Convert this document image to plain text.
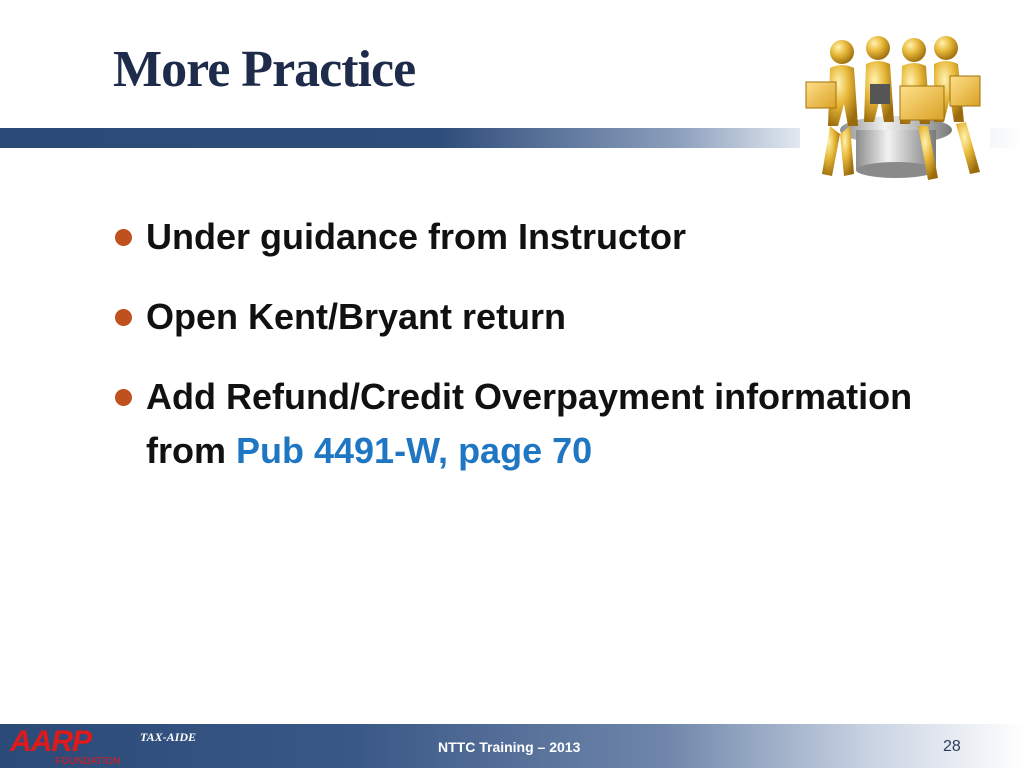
More Practice
Under guidance from Instructor
Open Kent/Bryant return
Add Refund/Credit Overpayment information from Pub 4491-W, page 70
AARP
FOUNDATION
TAX-AIDE
NTTC Training – 2013	28
